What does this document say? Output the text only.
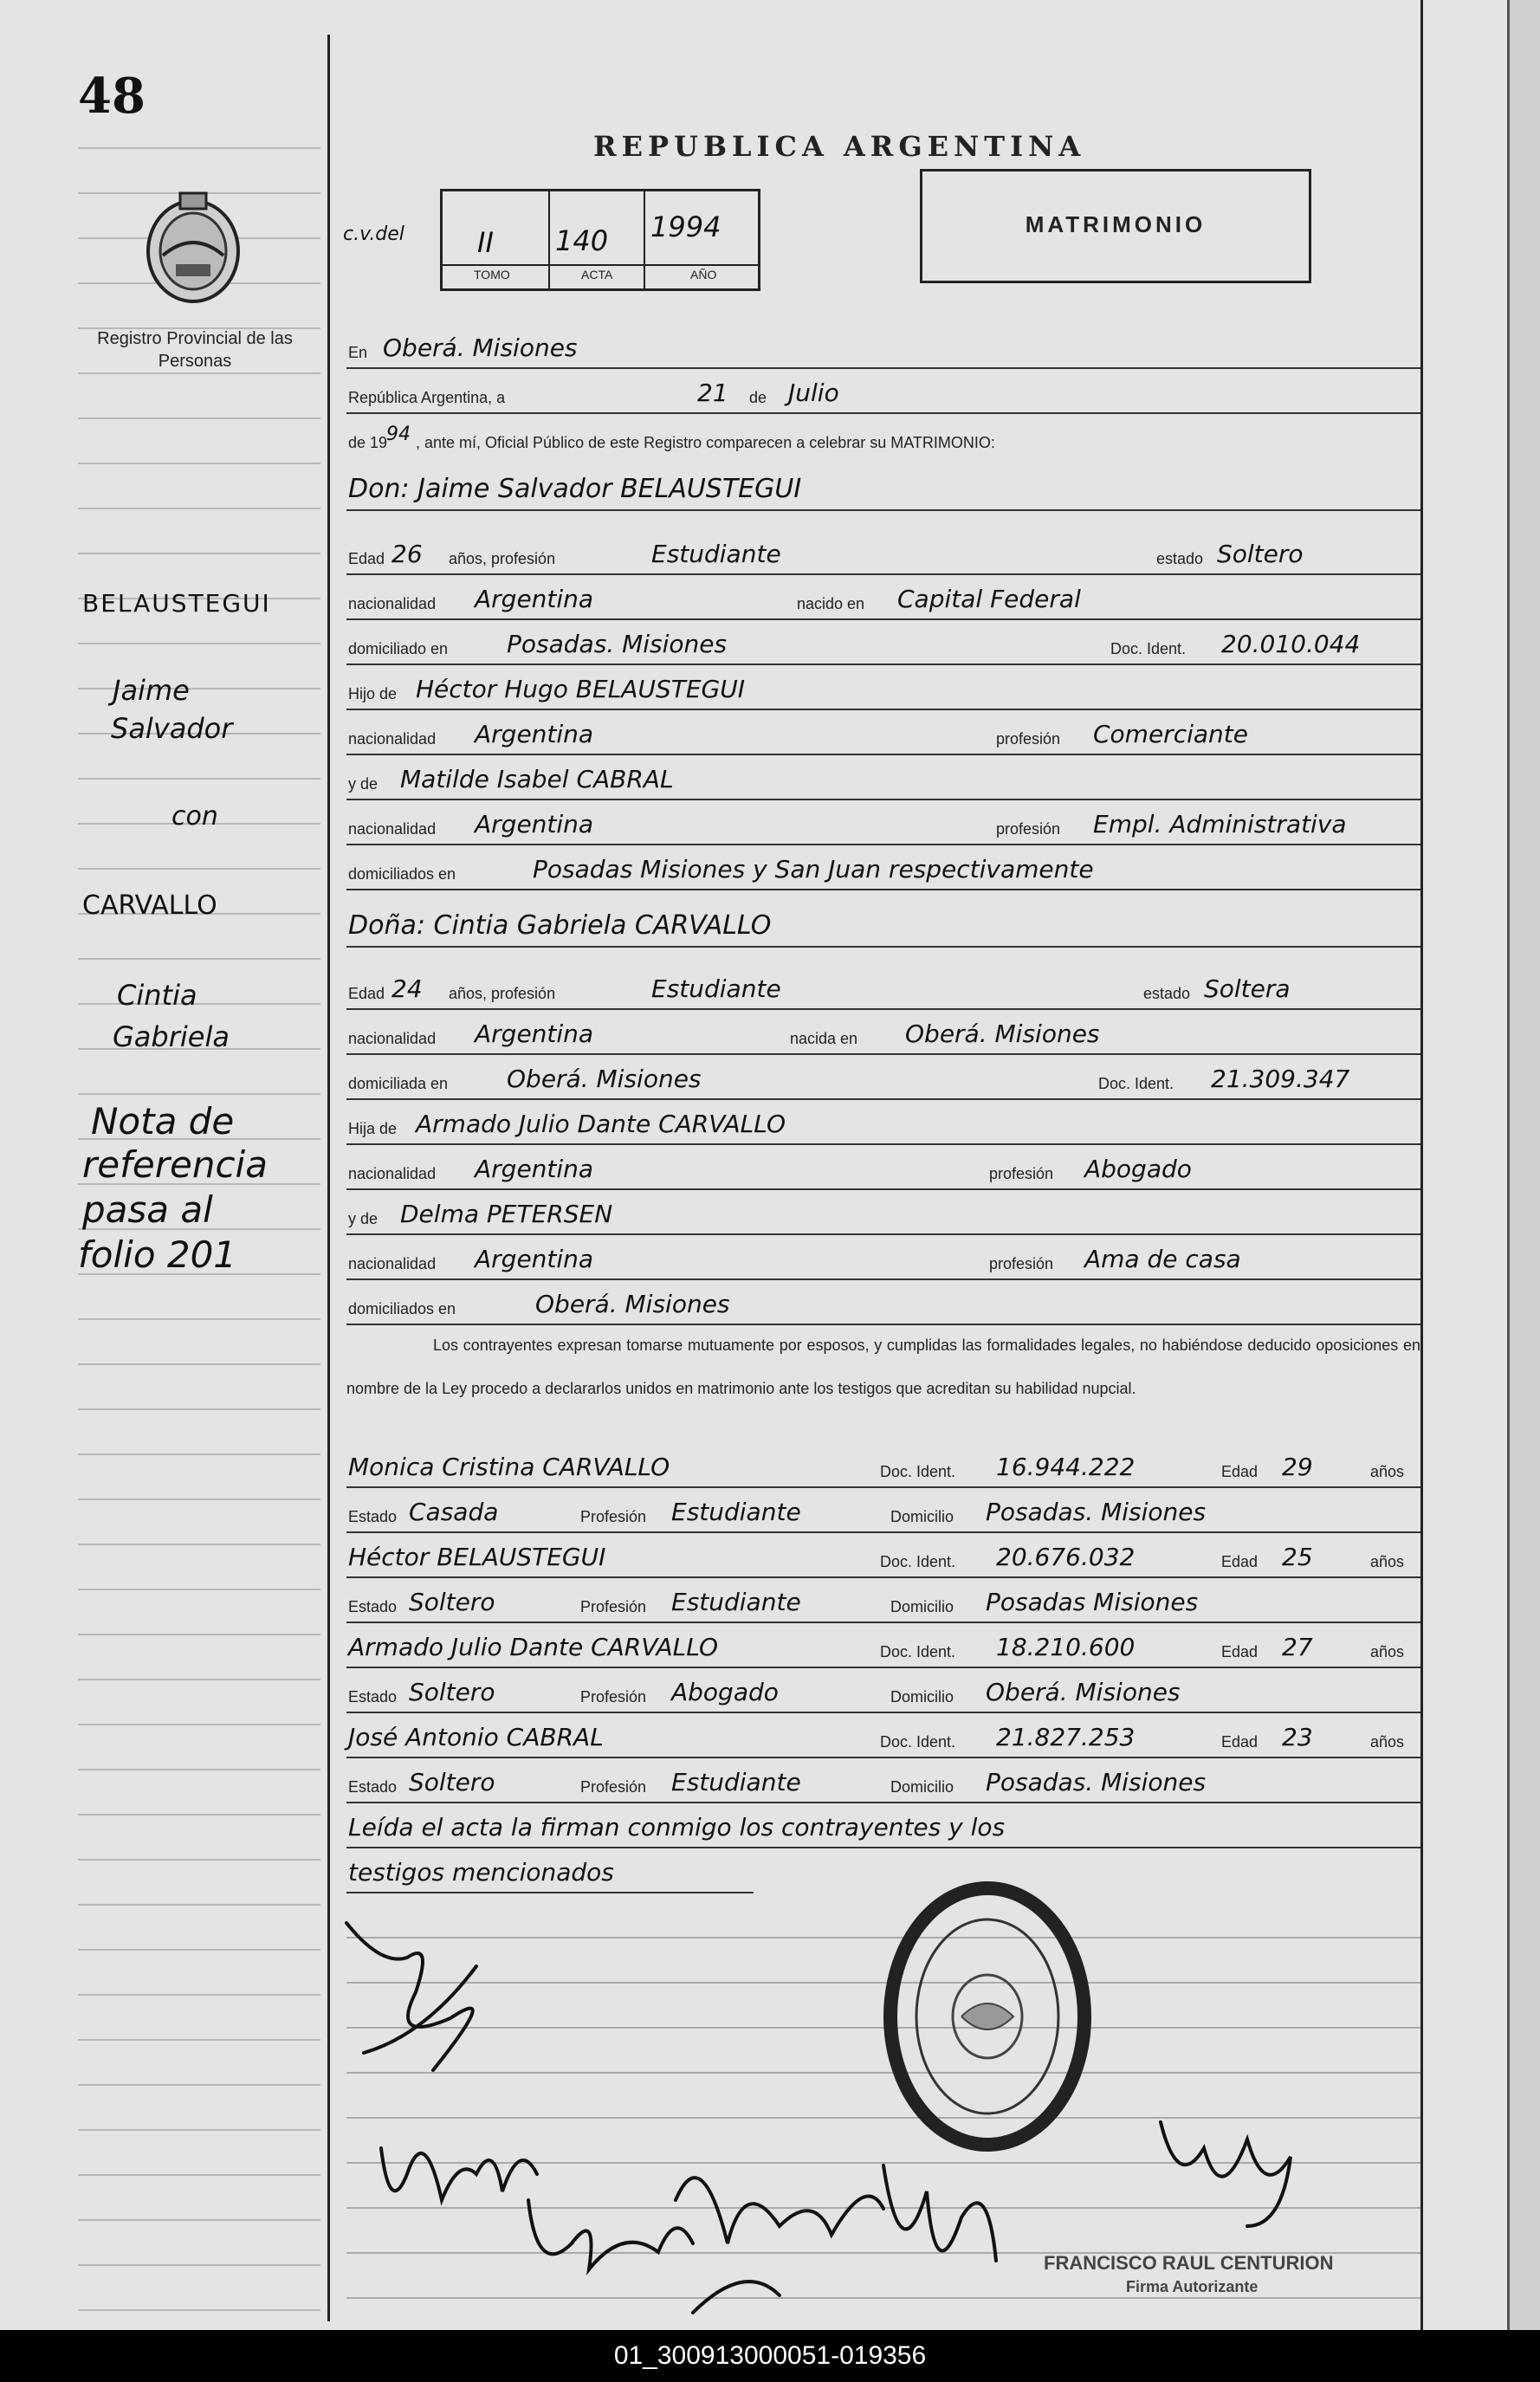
48
Registro Provincial de las Personas
REPUBLICA ARGENTINA
c.v.del	II 140 1994
TOMO	ACTA	AÑO
MATRIMONIO
En Oberá. Misiones
República Argentina, a	21 de Julio
de 19
94 , ante mí, Oficial Público de este Registro comparecen a celebrar su MATRIMONIO:
Don: Jaime Salvador BELAUSTEGUI
Edad 26 años, profesión	Estudiante	estado Soltero
nacionalidad Argentina	nacido en Capital Federal
domiciliado en Posadas. Misiones	Doc. Ident. 20.010.044
Hijo de Héctor Hugo BELAUSTEGUI
nacionalidad Argentina	profesión Comerciante
y de Matilde Isabel CABRAL
nacionalidad Argentina	profesión Empl. Administrativa
domiciliados en	Posadas Misiones y San Juan respectivamente
Doña: Cintia Gabriela CARVALLO
Edad 24 años, profesión	Estudiante	estado Soltera
nacionalidad Argentina	nacida en Oberá. Misiones
domiciliada en Oberá. Misiones	Doc. Ident. 21.309.347
Hija de Armado Julio Dante CARVALLO
nacionalidad Argentina	profesión Abogado
y de Delma PETERSEN
nacionalidad Argentina	profesión Ama de casa
domiciliados en	Oberá. Misiones
Los contrayentes expresan tomarse mutuamente por esposos, y cumplidas las formalidades legales, no habiéndose deducido oposiciones en nombre de la Ley procedo a declararlos unidos en matrimonio ante los testigos que acreditan su habilidad nupcial.
Monica Cristina CARVALLO	Doc. Ident. 16.944.222	Edad 29	años
Estado Casada	Profesión Estudiante	Domicilio Posadas. Misiones
Héctor BELAUSTEGUI	Doc. Ident. 20.676.032	Edad 25	años
Estado Soltero	Profesión Estudiante	Domicilio Posadas Misiones
Armado Julio Dante CARVALLO	Doc. Ident. 18.210.600	Edad 27	años
Estado Soltero	Profesión Abogado	Domicilio Oberá. Misiones
José Antonio CABRAL	Doc. Ident. 21.827.253	Edad 23	años
Estado Soltero	Profesión Estudiante	Domicilio Posadas. Misiones
Leída el acta la firman conmigo los contrayentes y los
testigos mencionados
FRANCISCO RAUL CENTURION
Firma Autorizante
BELAUSTEGUI
Jaime
Salvador
con
CARVALLO
Cintia
Gabriela
Nota de
referencia
pasa al
folio 201
01_300913000051-019356
